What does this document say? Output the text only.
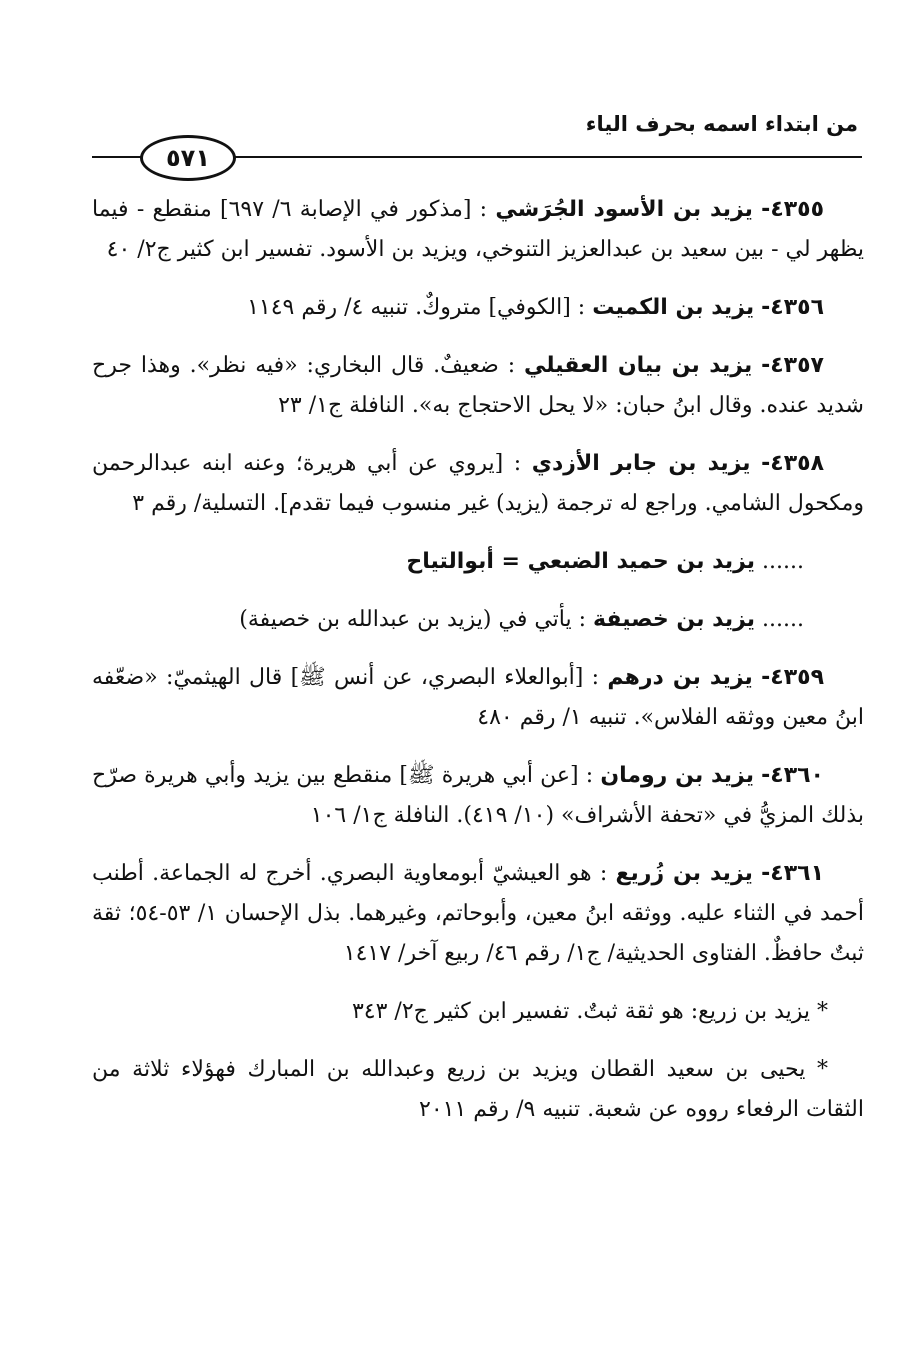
من ابتداء اسمه بحرف الياء
٥٧١

٤٣٥٥- يزيد بن الأسود الجُرَشي : [مذكور في الإصابة ٦/ ٦٩٧] منقطع - فيما يظهر لي - بين سعيد بن عبدالعزيز التنوخي، ويزيد بن الأسود. تفسير ابن كثير ج٢/ ٤٠

٤٣٥٦- يزيد بن الكميت : [الكوفي] متروكٌ. تنبيه ٤/ رقم ١١٤٩

٤٣٥٧- يزيد بن بيان العقيلي : ضعيفٌ. قال البخاري: «فيه نظر». وهذا جرح شديد عنده. وقال ابنُ حبان: «لا يحل الاحتجاج به». النافلة ج١/ ٢٣

٤٣٥٨- يزيد بن جابر الأزدي : [يروي عن أبي هريرة؛ وعنه ابنه عبدالرحمن ومكحول الشامي. وراجع له ترجمة (يزيد) غير منسوب فيما تقدم]. التسلية/ رقم ٣

...... يزيد بن حميد الضبعي = أبوالتياح

...... يزيد بن خصيفة : يأتي في (يزيد بن عبدالله بن خصيفة)

٤٣٥٩- يزيد بن درهم : [أبوالعلاء البصري، عن أنس ﷺ] قال الهيثميّ: «ضعّفه ابنُ معين ووثقه الفلاس». تنبيه ١/ رقم ٤٨٠

٤٣٦٠- يزيد بن رومان : [عن أبي هريرة ﷺ] منقطع بين يزيد وأبي هريرة صرّح بذلك المزيُّ في «تحفة الأشراف» (١٠/ ٤١٩). النافلة ج١/ ١٠٦

٤٣٦١- يزيد بن زُريع : هو العيشيّ أبومعاوية البصري. أخرج له الجماعة. أطنب أحمد في الثناء عليه. ووثقه ابنُ معين، وأبوحاتم، وغيرهما. بذل الإحسان ١/ ٥٣-٥٤؛ ثقة ثبتٌ حافظٌ. الفتاوى الحديثية/ ج١/ رقم ٤٦/ ربيع آخر/ ١٤١٧

* يزيد بن زريع: هو ثقة ثبتٌ. تفسير ابن كثير ج٢/ ٣٤٣

* يحيى بن سعيد القطان ويزيد بن زريع وعبدالله بن المبارك فهؤلاء ثلاثة من الثقات الرفعاء رووه عن شعبة. تنبيه ٩/ رقم ٢٠١١
